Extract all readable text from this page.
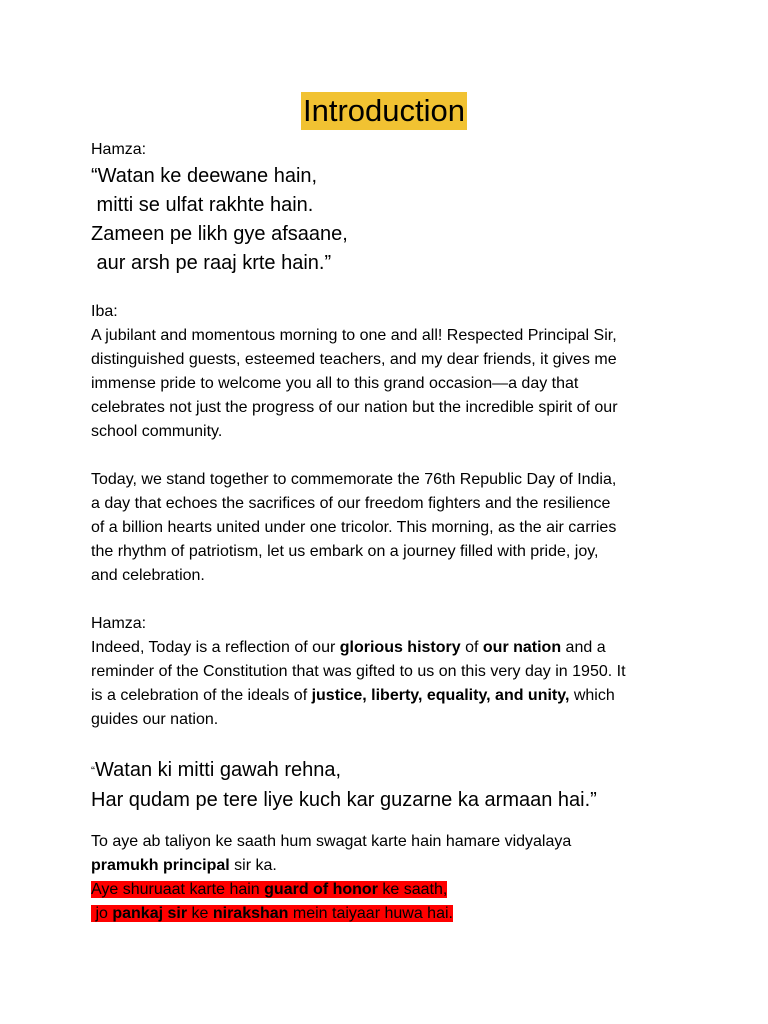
Introduction
Hamza:
“Watan ke deewane hain,
mitti se ulfat rakhte hain.
Zameen pe likh gye afsaane,
aur arsh pe raaj krte hain.”
Iba:
A jubilant and momentous morning to one and all! Respected Principal Sir,
distinguished guests, esteemed teachers, and my dear friends, it gives me
immense pride to welcome you all to this grand occasion—a day that
celebrates not just the progress of our nation but the incredible spirit of our
school community.
Today, we stand together to commemorate the 76th Republic Day of India,
a day that echoes the sacrifices of our freedom fighters and the resilience
of a billion hearts united under one tricolor. This morning, as the air carries
the rhythm of patriotism, let us embark on a journey filled with pride, joy,
and celebration.
Hamza:
Indeed, Today is a reflection of our glorious history of our nation and a
reminder of the Constitution that was gifted to us on this very day in 1950. It
is a celebration of the ideals of justice, liberty, equality, and unity, which
guides our nation.
“Watan ki mitti gawah rehna,
Har qudam pe tere liye kuch kar guzarne ka armaan hai.”
To aye ab taliyon ke saath hum swagat karte hain hamare vidyalaya
pramukh principal sir ka.
Aye shuruaat karte hain guard of honor ke saath,
jo pankaj sir ke nirakshan mein taiyaar huwa hai.
